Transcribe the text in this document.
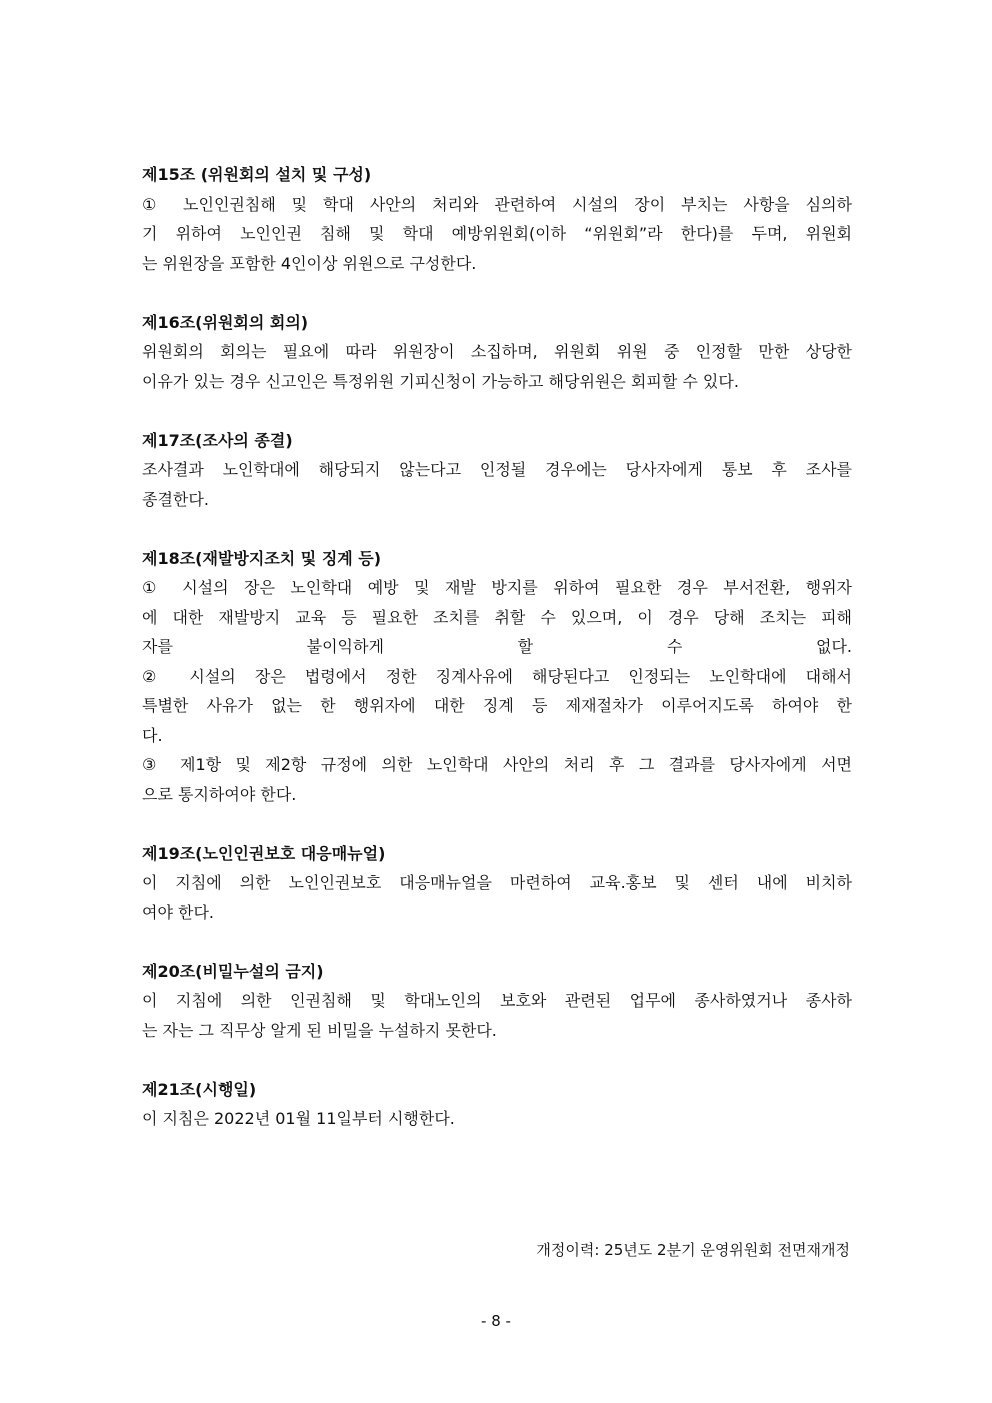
제15조 (위원회의 설치 및 구성)
① 노인인권침해 및 학대 사안의 처리와 관련하여 시설의 장이 부치는 사항을 심의하
기 위하여 노인인권 침해 및 학대 예방위원회(이하 “위원회”라 한다)를 두며, 위원회
는 위원장을 포함한 4인이상 위원으로 구성한다.
제16조(위원회의 회의)
위원회의 회의는 필요에 따라 위원장이 소집하며, 위원회 위원 중 인정할 만한 상당한
이유가 있는 경우 신고인은 특정위원 기피신청이 가능하고 해당위원은 회피할 수 있다.
제17조(조사의 종결)
조사결과 노인학대에 해당되지 않는다고 인정될 경우에는 당사자에게 통보 후 조사를
종결한다.
제18조(재발방지조치 및 징계 등)
① 시설의 장은 노인학대 예방 및 재발 방지를 위하여 필요한 경우 부서전환, 행위자
에 대한 재발방지 교육 등 필요한 조치를 취할 수 있으며, 이 경우 당해 조치는 피해
자를 불이익하게 할 수 없다.
② 시설의 장은 법령에서 정한 징계사유에 해당된다고 인정되는 노인학대에 대해서
특별한 사유가 없는 한 행위자에 대한 징계 등 제재절차가 이루어지도록 하여야 한
다.
③ 제1항 및 제2항 규정에 의한 노인학대 사안의 처리 후 그 결과를 당사자에게 서면
으로 통지하여야 한다.
제19조(노인인권보호 대응매뉴얼)
이 지침에 의한 노인인권보호 대응매뉴얼을 마련하여 교육.홍보 및 센터 내에 비치하
여야 한다.
제20조(비밀누설의 금지)
이 지침에 의한 인권침해 및 학대노인의 보호와 관련된 업무에 종사하였거나 종사하
는 자는 그 직무상 알게 된 비밀을 누설하지 못한다.
제21조(시행일)
이 지침은 2022년 01월 11일부터 시행한다.
개정이력: 25년도 2분기 운영위원회 전면재개정
- 8 -
